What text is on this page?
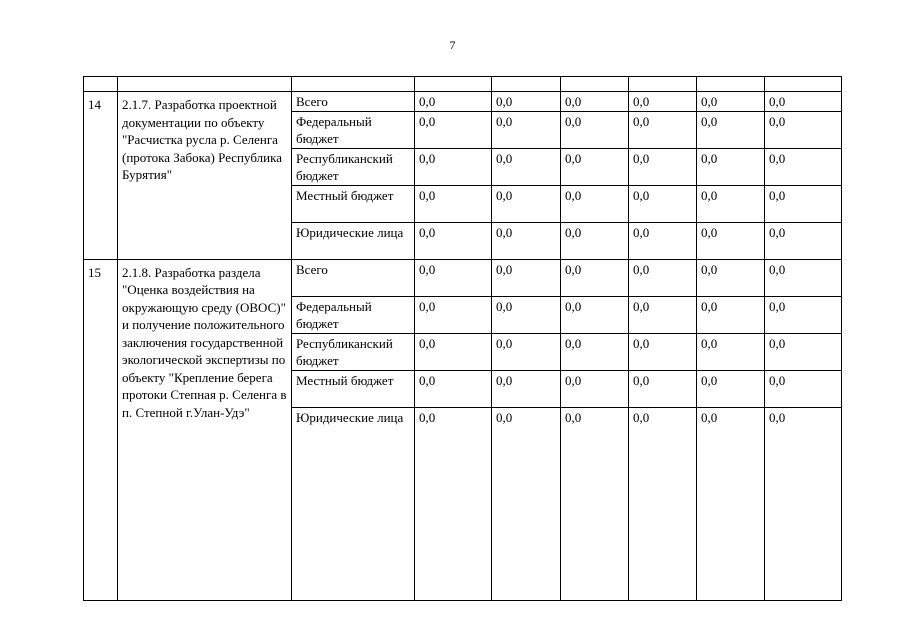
7

14	2.1.7. Разработка проектной документации по объекту "Расчистка русла р. Селенга (протока Забока) Республика Бурятия"	Всего	0,0	0,0	0,0	0,0	0,0	0,0
		Федеральный бюджет	0,0	0,0	0,0	0,0	0,0	0,0
		Республиканский бюджет	0,0	0,0	0,0	0,0	0,0	0,0
		Местный бюджет	0,0	0,0	0,0	0,0	0,0	0,0
		Юридические лица	0,0	0,0	0,0	0,0	0,0	0,0
15	2.1.8. Разработка раздела "Оценка воздействия на окружающую среду (ОВОС)" и получение положительного заключения государственной экологической экспертизы по объекту "Крепление берега протоки Степная р. Селенга в п. Степной г.Улан-Удэ"	Всего	0,0	0,0	0,0	0,0	0,0	0,0
		Федеральный бюджет	0,0	0,0	0,0	0,0	0,0	0,0
		Республиканский бюджет	0,0	0,0	0,0	0,0	0,0	0,0
		Местный бюджет	0,0	0,0	0,0	0,0	0,0	0,0
		Юридические лица	0,0	0,0	0,0	0,0	0,0	0,0
